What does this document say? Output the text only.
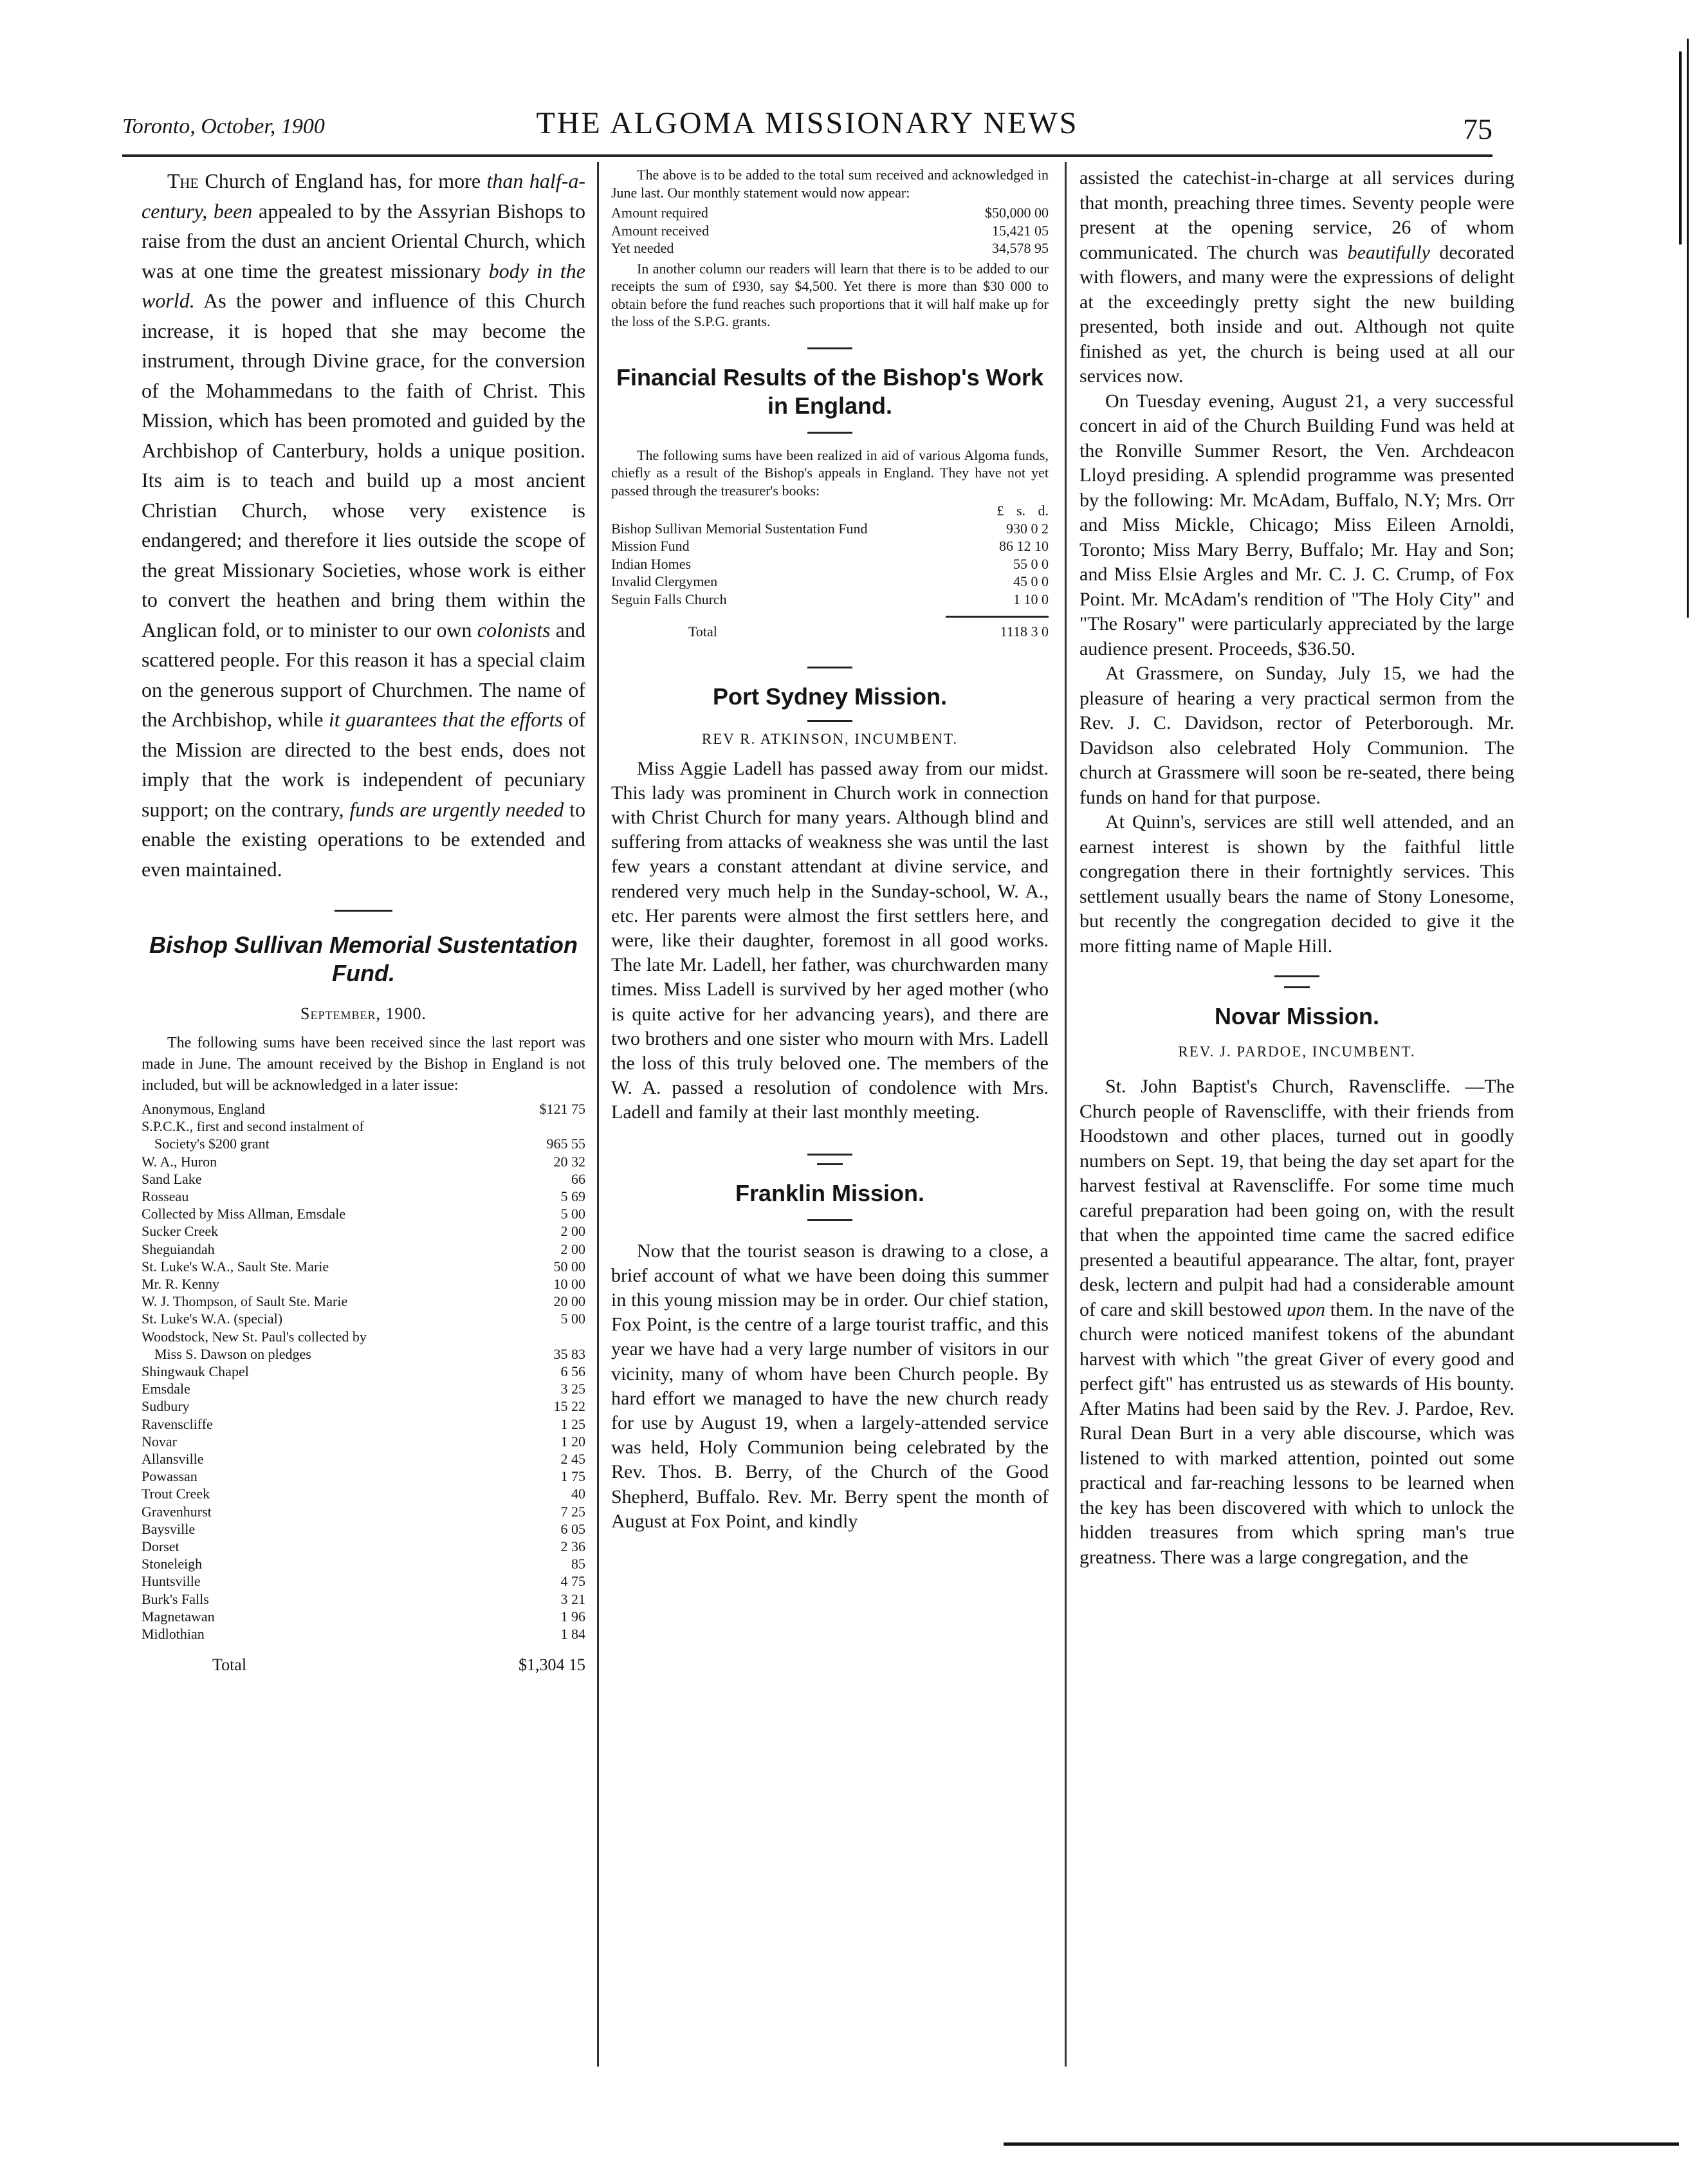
Toronto, October, 1900	THE ALGOMA MISSIONARY NEWS	75

The Church of England has, for more than half-a-century, been appealed to by the Assyrian Bishops to raise from the dust an ancient Oriental Church, which was at one time the greatest missionary body in the world. As the power and influence of this Church increase, it is hoped that she may become the instrument, through Divine grace, for the conversion of the Mohammedans to the faith of Christ. This Mission, which has been promoted and guided by the Archbishop of Canterbury, holds a unique position. Its aim is to teach and build up a most ancient Christian Church, whose very existence is endangered; and therefore it lies outside the scope of the great Missionary Societies, whose work is either to convert the heathen and bring them within the Anglican fold, or to minister to our own colonists and scattered people. For this reason it has a special claim on the generous support of Churchmen. The name of the Archbishop, while it guarantees that the efforts of the Mission are directed to the best ends, does not imply that the work is independent of pecuniary support; on the contrary, funds are urgently needed to enable the existing operations to be extended and even maintained.

Bishop Sullivan Memorial Sustentation Fund.
September, 1900.

The following sums have been received since the last report was made in June. The amount received by the Bishop in England is not included, but will be acknowledged in a later issue:

Anonymous, England	$121 75
S.P.C.K., first and second instalment of
Society's $200 grant	965 55
W. A., Huron	20 32
Sand Lake	66
Rosseau	5 69
Collected by Miss Allman, Emsdale	5 00
Sucker Creek	2 00
Sheguiandah	2 00
St. Luke's W.A., Sault Ste. Marie	50 00
Mr. R. Kenny	10 00
W. J. Thompson, of Sault Ste. Marie	20 00
St. Luke's W.A. (special)	5 00
Woodstock, New St. Paul's collected by
Miss S. Dawson on pledges	35 83
Shingwauk Chapel	6 56
Emsdale	3 25
Sudbury	15 22
Ravenscliffe	1 25
Novar	1 20
Allansville	2 45
Powassan	1 75
Trout Creek	40
Gravenhurst	7 25
Baysville	6 05
Dorset	2 36
Stoneleigh	85
Huntsville	4 75
Burk's Falls	3 21
Magnetawan	1 96
Midlothian	1 84
Total	$1,304 15

The above is to be added to the total sum received and acknowledged in June last. Our monthly statement would now appear:

Amount required	$50,000 00
Amount received	15,421 05
Yet needed	34,578 95

In another column our readers will learn that there is to be added to our receipts the sum of £930, say $4,500. Yet there is more than $30 000 to obtain before the fund reaches such proportions that it will half make up for the loss of the S.P.G. grants.

Financial Results of the Bishop's Work in England.

The following sums have been realized in aid of various Algoma funds, chiefly as a result of the Bishop's appeals in England. They have not yet passed through the treasurer's books:

£ s. d.
Bishop Sullivan Memorial Sustentation Fund	930 0 2
Mission Fund	86 12 10
Indian Homes	55 0 0
Invalid Clergymen	45 0 0
Seguin Falls Church	1 10 0
Total	1118 3 0
Port Sydney Mission.
REV R. ATKINSON, INCUMBENT.

Miss Aggie Ladell has passed away from our midst. This lady was prominent in Church work in connection with Christ Church for many years. Although blind and suffering from attacks of weakness she was until the last few years a constant attendant at divine service, and rendered very much help in the Sunday-school, W. A., etc. Her parents were almost the first settlers here, and were, like their daughter, foremost in all good works. The late Mr. Ladell, her father, was churchwarden many times. Miss Ladell is survived by her aged mother (who is quite active for her advancing years), and there are two brothers and one sister who mourn with Mrs. Ladell the loss of this truly beloved one. The members of the W. A. passed a resolution of condolence with Mrs. Ladell and family at their last monthly meeting.

Franklin Mission.

Now that the tourist season is drawing to a close, a brief account of what we have been doing this summer in this young mission may be in order. Our chief station, Fox Point, is the centre of a large tourist traffic, and this year we have had a very large number of visitors in our vicinity, many of whom have been Church people. By hard effort we managed to have the new church ready for use by August 19, when a largely-attended service was held, Holy Communion being celebrated by the Rev. Thos. B. Berry, of the Church of the Good Shepherd, Buffalo. Rev. Mr. Berry spent the month of August at Fox Point, and kindly

assisted the catechist-in-charge at all services during that month, preaching three times. Seventy people were present at the opening service, 26 of whom communicated. The church was beautifully decorated with flowers, and many were the expressions of delight at the exceedingly pretty sight the new building presented, both inside and out. Although not quite finished as yet, the church is being used at all our services now.

On Tuesday evening, August 21, a very successful concert in aid of the Church Building Fund was held at the Ronville Summer Resort, the Ven. Archdeacon Lloyd presiding. A splendid programme was presented by the following: Mr. McAdam, Buffalo, N.Y; Mrs. Orr and Miss Mickle, Chicago; Miss Eileen Arnoldi, Toronto; Miss Mary Berry, Buffalo; Mr. Hay and Son; and Miss Elsie Argles and Mr. C. J. C. Crump, of Fox Point. Mr. McAdam's rendition of "The Holy City" and "The Rosary" were particularly appreciated by the large audience present. Proceeds, $36.50.

At Grassmere, on Sunday, July 15, we had the pleasure of hearing a very practical sermon from the Rev. J. C. Davidson, rector of Peterborough. Mr. Davidson also celebrated Holy Communion. The church at Grassmere will soon be re-seated, there being funds on hand for that purpose.

At Quinn's, services are still well attended, and an earnest interest is shown by the faithful little congregation there in their fortnightly services. This settlement usually bears the name of Stony Lonesome, but recently the congregation decided to give it the more fitting name of Maple Hill.

Novar Mission.
REV. J. PARDOE, INCUMBENT.

St. John Baptist's Church, Ravenscliffe. —The Church people of Ravenscliffe, with their friends from Hoodstown and other places, turned out in goodly numbers on Sept. 19, that being the day set apart for the harvest festival at Ravenscliffe. For some time much careful preparation had been going on, with the result that when the appointed time came the sacred edifice presented a beautiful appearance. The altar, font, prayer desk, lectern and pulpit had had a considerable amount of care and skill bestowed upon them. In the nave of the church were noticed manifest tokens of the abundant harvest with which "the great Giver of every good and perfect gift" has entrusted us as stewards of His bounty. After Matins had been said by the Rev. J. Pardoe, Rev. Rural Dean Burt in a very able discourse, which was listened to with marked attention, pointed out some practical and far-reaching lessons to be learned when the key has been discovered with which to unlock the hidden treasures from which spring man's true greatness. There was a large congregation, and the
